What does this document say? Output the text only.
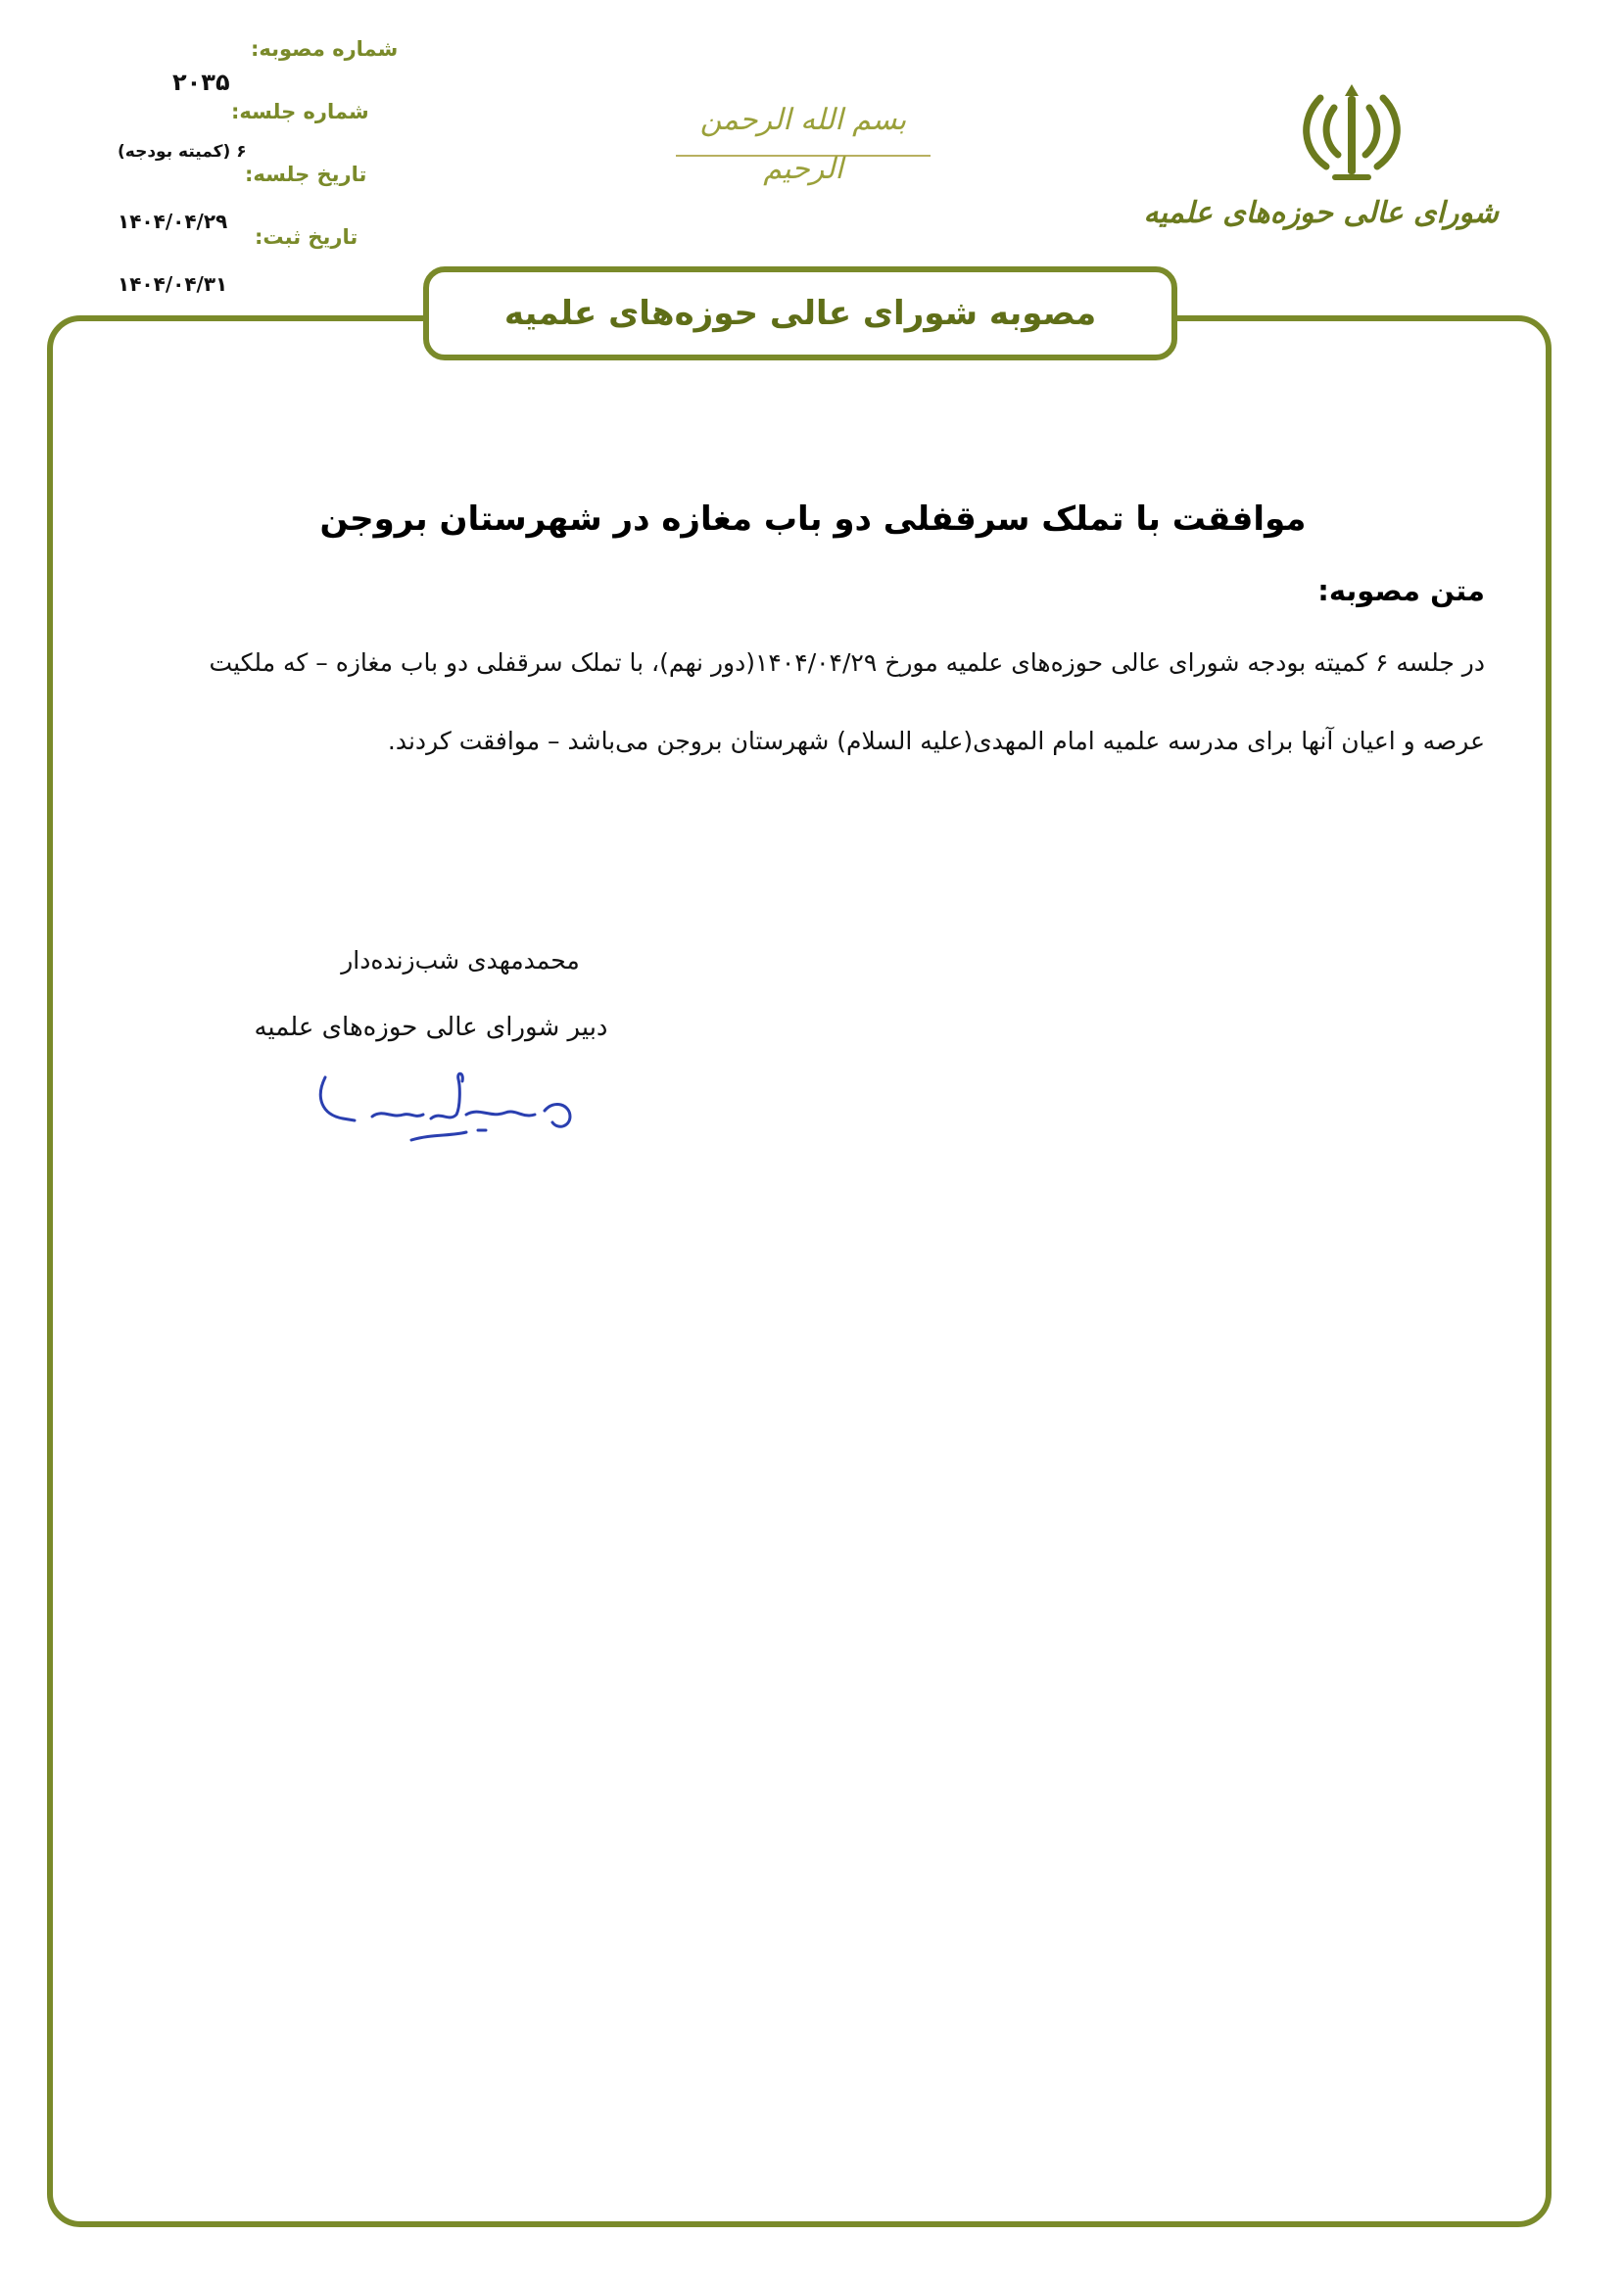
شماره مصوبه:
۲۰۳۵
شماره جلسه:
۶ (کمیته بودجه)
تاریخ جلسه:
۱۴۰۴/۰۴/۲۹
تاریخ ثبت:
۱۴۰۴/۰۴/۳۱
بسم الله الرحمن الرحیم
شورای عالی حوزه‌های علمیه
مصوبه شورای عالی حوزه‌های علمیه
موافقت با تملک سرقفلی دو باب مغازه در شهرستان بروجن
متن مصوبه:
در جلسه ۶ کمیته بودجه شورای عالی حوزه‌های علمیه مورخ ۱۴۰۴/۰۴/۲۹(دور نهم)، با تملک سرقفلی دو باب مغازه – که ملکیت
عرصه و اعیان آنها برای مدرسه علمیه امام المهدی(علیه السلام) شهرستان بروجن می‌باشد – موافقت کردند.
محمدمهدی شب‌زنده‌دار
دبیر شورای عالی حوزه‌های علمیه
